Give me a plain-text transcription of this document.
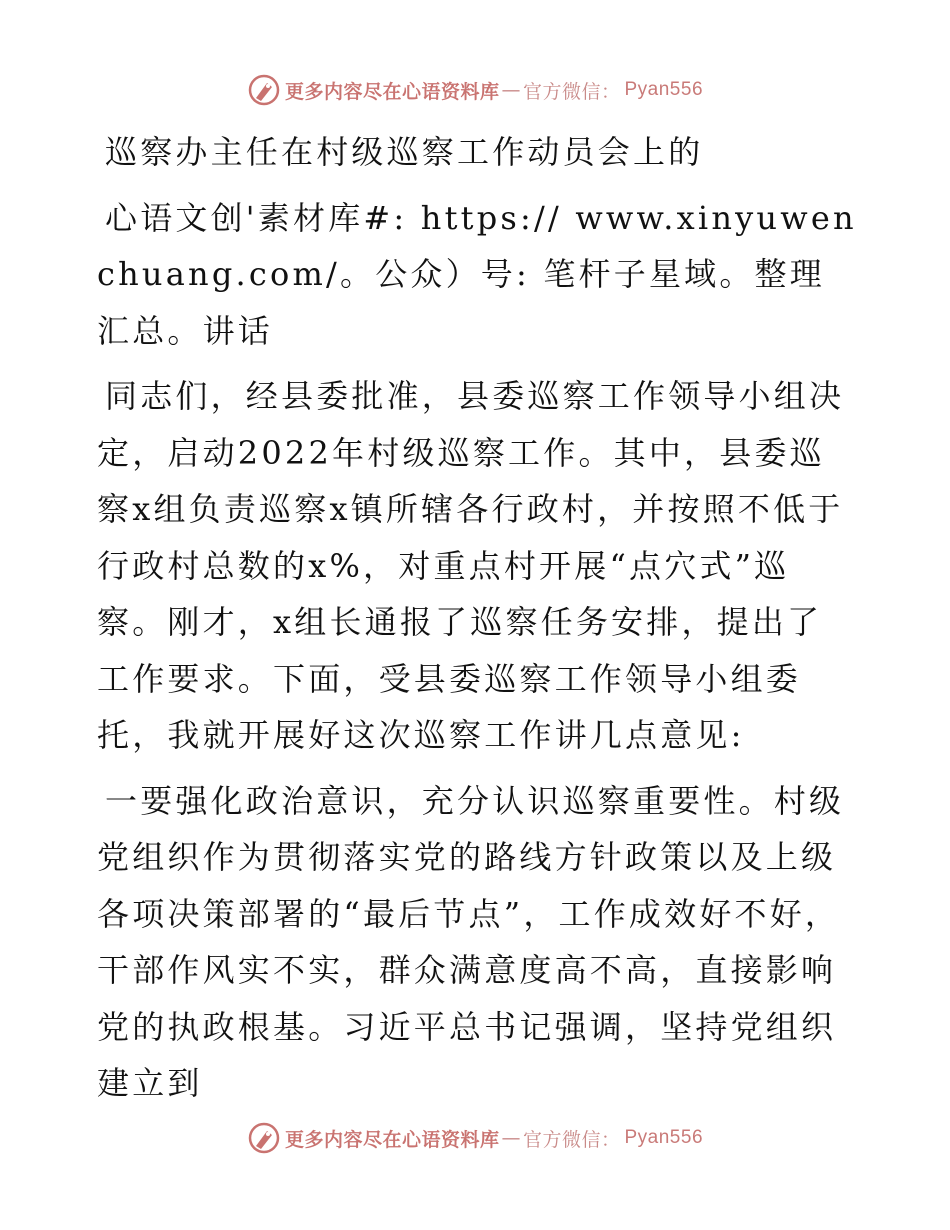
更多内容尽在心语资料库 — 官方微信： Pyan556

巡察办主任在村级巡察工作动员会上的

心语文创'素材库#: https:// www.xinyuwenchuang.com/。公众）号: 笔杆子星域。整理汇总。讲话

同志们，经县委批准，县委巡察工作领导小组决定，启动2022年村级巡察工作。其中，县委巡察x组负责巡察x镇所辖各行政村，并按照不低于行政村总数的x%，对重点村开展“点穴式”巡察。刚才，x组长通报了巡察任务安排，提出了工作要求。下面，受县委巡察工作领导小组委托，我就开展好这次巡察工作讲几点意见:

一要强化政治意识，充分认识巡察重要性。村级党组织作为贯彻落实党的路线方针政策以及上级各项决策部署的“最后节点”，工作成效好不好，干部作风实不实，群众满意度高不高，直接影响党的执政根基。习近平总书记强调，坚持党组织建立到

更多内容尽在心语资料库 — 官方微信： Pyan556
